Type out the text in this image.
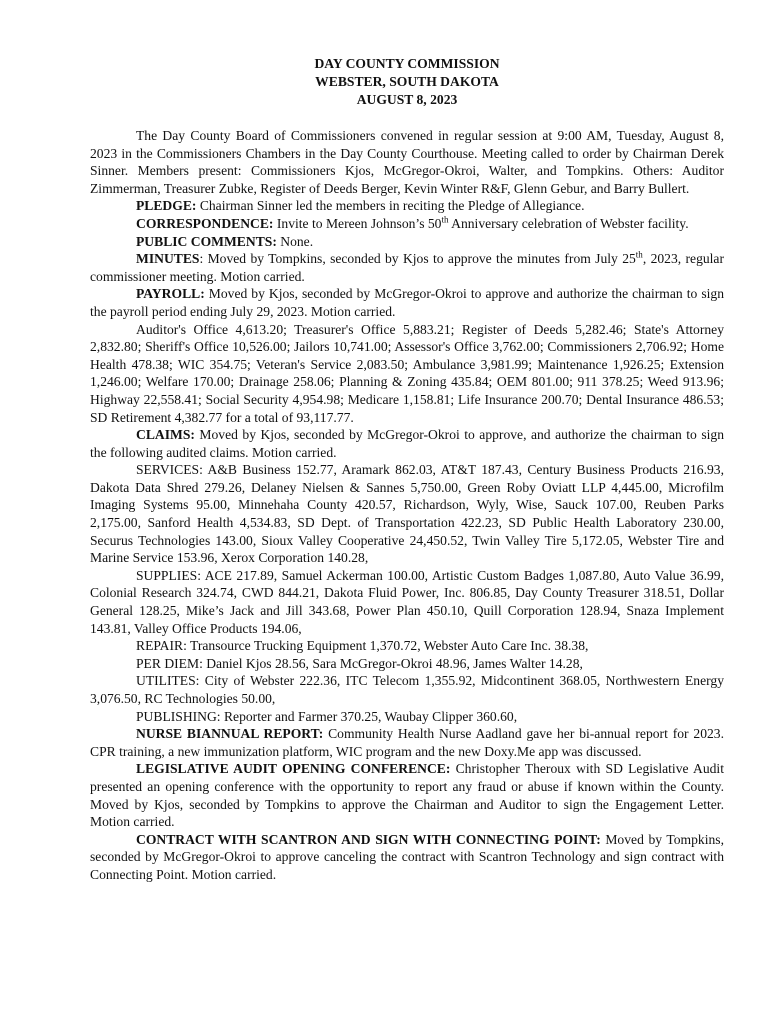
DAY COUNTY COMMISSION
WEBSTER, SOUTH DAKOTA
AUGUST 8, 2023

The Day County Board of Commissioners convened in regular session at 9:00 AM, Tuesday, August 8, 2023 in the Commissioners Chambers in the Day County Courthouse. Meeting called to order by Chairman Derek Sinner. Members present: Commissioners Kjos, McGregor-Okroi, Walter, and Tompkins. Others: Auditor Zimmerman, Treasurer Zubke, Register of Deeds Berger, Kevin Winter R&F, Glenn Gebur, and Barry Bullert.

PLEDGE: Chairman Sinner led the members in reciting the Pledge of Allegiance.

CORRESPONDENCE: Invite to Mereen Johnson’s 50th Anniversary celebration of Webster facility.

PUBLIC COMMENTS: None.

MINUTES: Moved by Tompkins, seconded by Kjos to approve the minutes from July 25th, 2023, regular commissioner meeting. Motion carried.

PAYROLL: Moved by Kjos, seconded by McGregor-Okroi to approve and authorize the chairman to sign the payroll period ending July 29, 2023. Motion carried.

Auditor's Office 4,613.20; Treasurer's Office 5,883.21; Register of Deeds 5,282.46; State's Attorney 2,832.80; Sheriff's Office 10,526.00; Jailors 10,741.00; Assessor's Office 3,762.00; Commissioners 2,706.92; Home Health 478.38; WIC 354.75; Veteran's Service 2,083.50; Ambulance 3,981.99; Maintenance 1,926.25; Extension 1,246.00; Welfare 170.00; Drainage 258.06; Planning & Zoning 435.84; OEM 801.00; 911 378.25; Weed 913.96; Highway 22,558.41; Social Security 4,954.98; Medicare 1,158.81; Life Insurance 200.70; Dental Insurance 486.53; SD Retirement 4,382.77 for a total of 93,117.77.

CLAIMS: Moved by Kjos, seconded by McGregor-Okroi to approve, and authorize the chairman to sign the following audited claims. Motion carried.

SERVICES: A&B Business 152.77, Aramark 862.03, AT&T 187.43, Century Business Products 216.93, Dakota Data Shred 279.26, Delaney Nielsen & Sannes 5,750.00, Green Roby Oviatt LLP 4,445.00, Microfilm Imaging Systems 95.00, Minnehaha County 420.57, Richardson, Wyly, Wise, Sauck 107.00, Reuben Parks 2,175.00, Sanford Health 4,534.83, SD Dept. of Transportation 422.23, SD Public Health Laboratory 230.00, Securus Technologies 143.00, Sioux Valley Cooperative 24,450.52, Twin Valley Tire 5,172.05, Webster Tire and Marine Service 153.96, Xerox Corporation 140.28,

SUPPLIES: ACE 217.89, Samuel Ackerman 100.00, Artistic Custom Badges 1,087.80, Auto Value 36.99, Colonial Research 324.74, CWD 844.21, Dakota Fluid Power, Inc. 806.85, Day County Treasurer 318.51, Dollar General 128.25, Mike’s Jack and Jill 343.68, Power Plan 450.10, Quill Corporation 128.94, Snaza Implement 143.81, Valley Office Products 194.06,

REPAIR: Transource Trucking Equipment 1,370.72, Webster Auto Care Inc. 38.38,

PER DIEM: Daniel Kjos 28.56, Sara McGregor-Okroi 48.96, James Walter 14.28,

UTILITES: City of Webster 222.36, ITC Telecom 1,355.92, Midcontinent 368.05, Northwestern Energy 3,076.50, RC Technologies 50.00,

PUBLISHING: Reporter and Farmer 370.25, Waubay Clipper 360.60,

NURSE BIANNUAL REPORT: Community Health Nurse Aadland gave her bi-annual report for 2023. CPR training, a new immunization platform, WIC program and the new Doxy.Me app was discussed.

LEGISLATIVE AUDIT OPENING CONFERENCE: Christopher Theroux with SD Legislative Audit presented an opening conference with the opportunity to report any fraud or abuse if known within the County. Moved by Kjos, seconded by Tompkins to approve the Chairman and Auditor to sign the Engagement Letter. Motion carried.

CONTRACT WITH SCANTRON AND SIGN WITH CONNECTING POINT: Moved by Tompkins, seconded by McGregor-Okroi to approve canceling the contract with Scantron Technology and sign contract with Connecting Point. Motion carried.
